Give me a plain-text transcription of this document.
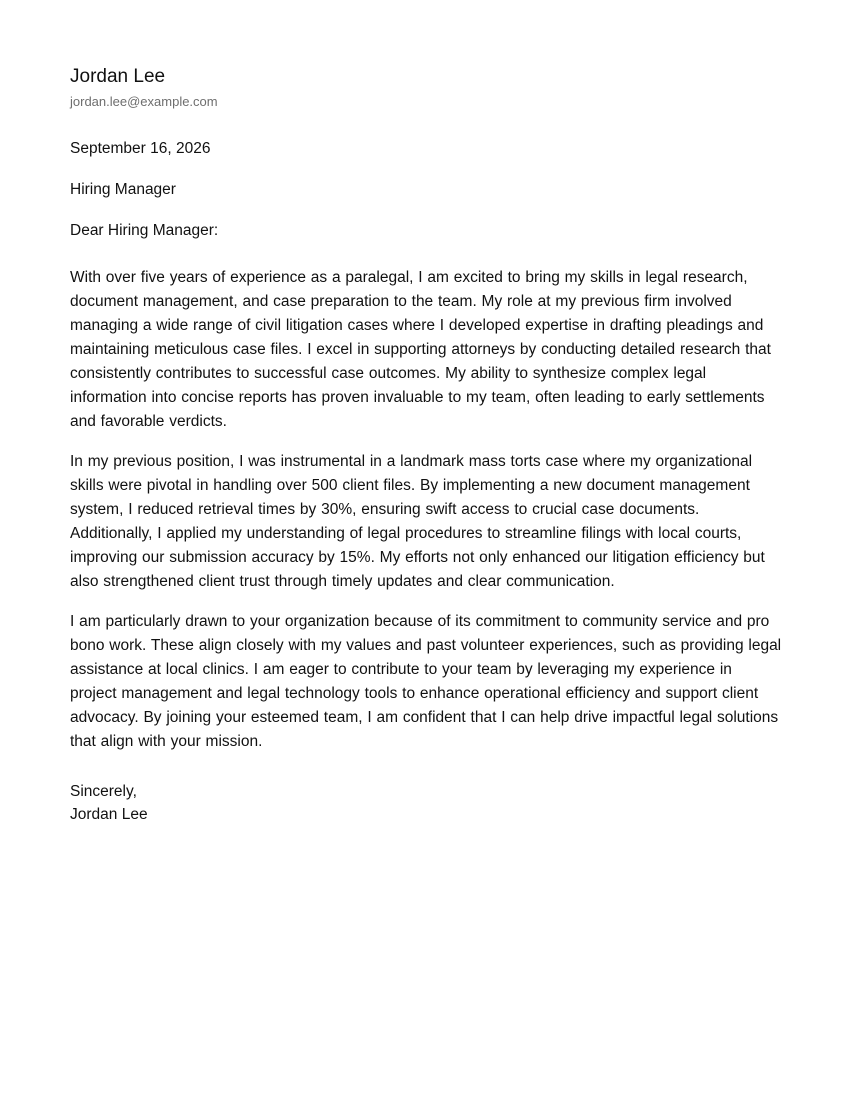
Jordan Lee
jordan.lee@example.com
September 16, 2026
Hiring Manager
Dear Hiring Manager:

With over five years of experience as a paralegal, I am excited to bring my skills in legal research, document management, and case preparation to the team. My role at my previous firm involved managing a wide range of civil litigation cases where I developed expertise in drafting pleadings and maintaining meticulous case files. I excel in supporting attorneys by conducting detailed research that consistently contributes to successful case outcomes. My ability to synthesize complex legal information into concise reports has proven invaluable to my team, often leading to early settlements and favorable verdicts.

In my previous position, I was instrumental in a landmark mass torts case where my organizational skills were pivotal in handling over 500 client files. By implementing a new document management system, I reduced retrieval times by 30%, ensuring swift access to crucial case documents. Additionally, I applied my understanding of legal procedures to streamline filings with local courts, improving our submission accuracy by 15%. My efforts not only enhanced our litigation efficiency but also strengthened client trust through timely updates and clear communication.

I am particularly drawn to your organization because of its commitment to community service and pro bono work. These align closely with my values and past volunteer experiences, such as providing legal assistance at local clinics. I am eager to contribute to your team by leveraging my experience in project management and legal technology tools to enhance operational efficiency and support client advocacy. By joining your esteemed team, I am confident that I can help drive impactful legal solutions that align with your mission.

Sincerely,
Jordan Lee
